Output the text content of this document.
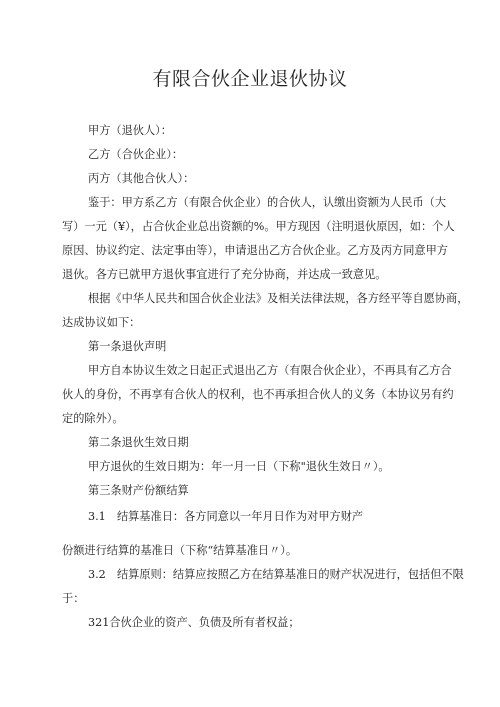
有限合伙企业退伙协议
甲方（退伙人）：
乙方（合伙企业）：
丙方（其他合伙人）：
鉴于：甲方系乙方（有限合伙企业）的合伙人，认缴出资额为人民币（大
写）一元（¥），占合伙企业总出资额的%。甲方现因（注明退伙原因，如：个人
原因、协议约定、法定事由等），申请退出乙方合伙企业。乙方及丙方同意甲方
退伙。各方已就甲方退伙事宜进行了充分协商，并达成一致意见。
根据《中华人民共和国合伙企业法》及相关法律法规，各方经平等自愿协商，
达成协议如下：
第一条退伙声明
甲方自本协议生效之日起正式退出乙方（有限合伙企业），不再具有乙方合
伙人的身份，不再享有合伙人的权利，也不再承担合伙人的义务（本协议另有约
定的除外）。
第二条退伙生效日期
甲方退伙的生效日期为：年一月一日（下称"退伙生效日〃）。
第三条财产份额结算
3.1　结算基准日：各方同意以一年月日作为对甲方财产
份额进行结算的基准日（下称“结算基准日〃）。
3.2　结算原则：结算应按照乙方在结算基准日的财产状况进行，包括但不限
于：
321合伙企业的资产、负债及所有者权益；
